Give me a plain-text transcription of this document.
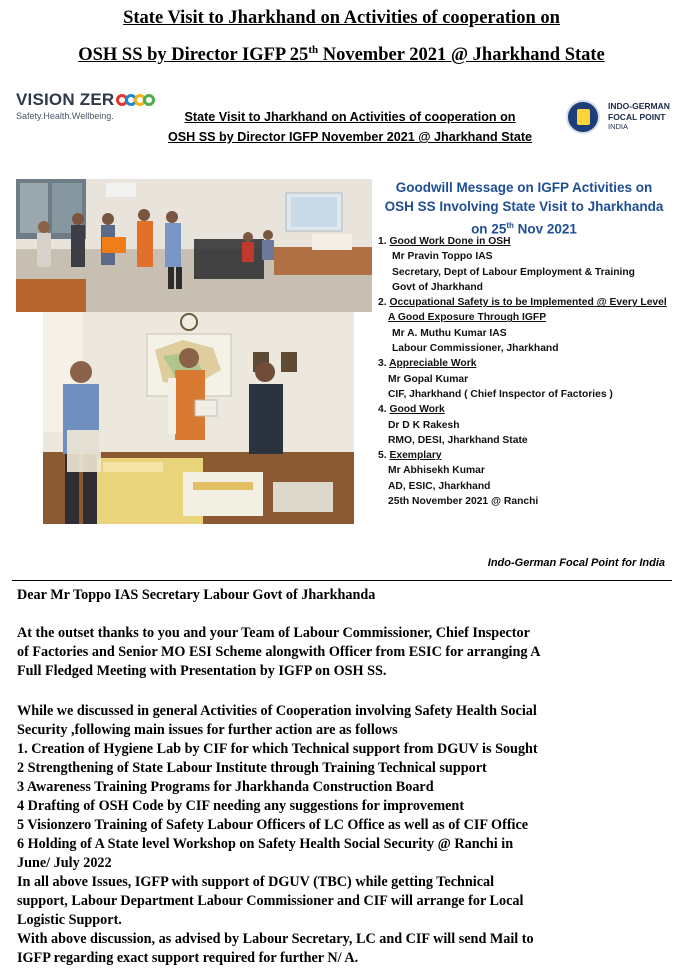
State Visit to Jharkhand on Activities of cooperation on
OSH SS by Director IGFP 25th November 2021 @ Jharkhand State
VISION ZER
Safety.Health.Wellbeing.	State Visit to Jharkhand on Activities of cooperation on
OSH SS by Director IGFP November 2021 @ Jharkhand State
INDO-GERMAN
FOCAL POINT
INDIA
Goodwill Message on IGFP Activities on
OSH SS Involving State Visit to Jharkhanda
on 25th Nov 2021
1. Good Work Done in OSH
Mr Pravin Toppo IAS
Secretary, Dept of Labour Employment & Training
Govt of Jharkhand
2. Occupational Safety is to be Implemented @ Every Level
A Good Exposure Through IGFP
Mr A. Muthu Kumar IAS
Labour Commissioner, Jharkhand
3. Appreciable Work
Mr Gopal Kumar
CIF, Jharkhand ( Chief Inspector of Factories )
4. Good Work
Dr D K Rakesh
RMO, DESI, Jharkhand State
5. Exemplary
Mr Abhisekh Kumar
AD, ESIC, Jharkhand
25th November 2021 @ Ranchi
Indo-German Focal Point for India
Dear Mr Toppo IAS Secretary Labour Govt of Jharkhanda
At the outset thanks to you and your Team of Labour Commissioner, Chief Inspector
of Factories and Senior MO ESI Scheme alongwith Officer from ESIC for arranging A
Full Fledged Meeting with Presentation by IGFP on OSH SS.
While we discussed in general Activities of Cooperation involving Safety Health Social
Security ,following main issues for further action are as follows
1. Creation of Hygiene Lab by CIF for which Technical support from DGUV is Sought
2 Strengthening of State Labour Institute through Training Technical support
3 Awareness Training Programs for Jharkhanda Construction Board
4 Drafting of OSH Code by CIF needing any suggestions for improvement
5 Visionzero Training of Safety Labour Officers of LC Office as well as of CIF Office
6 Holding of A State level Workshop on Safety Health Social Security @ Ranchi in
June/ July 2022
In all above Issues, IGFP with support of DGUV (TBC) while getting Technical
support, Labour Department Labour Commissioner and CIF will arrange for Local
Logistic Support.
With above discussion, as advised by Labour Secretary, LC and CIF will send Mail to
IGFP regarding exact support required for further N/ A.
